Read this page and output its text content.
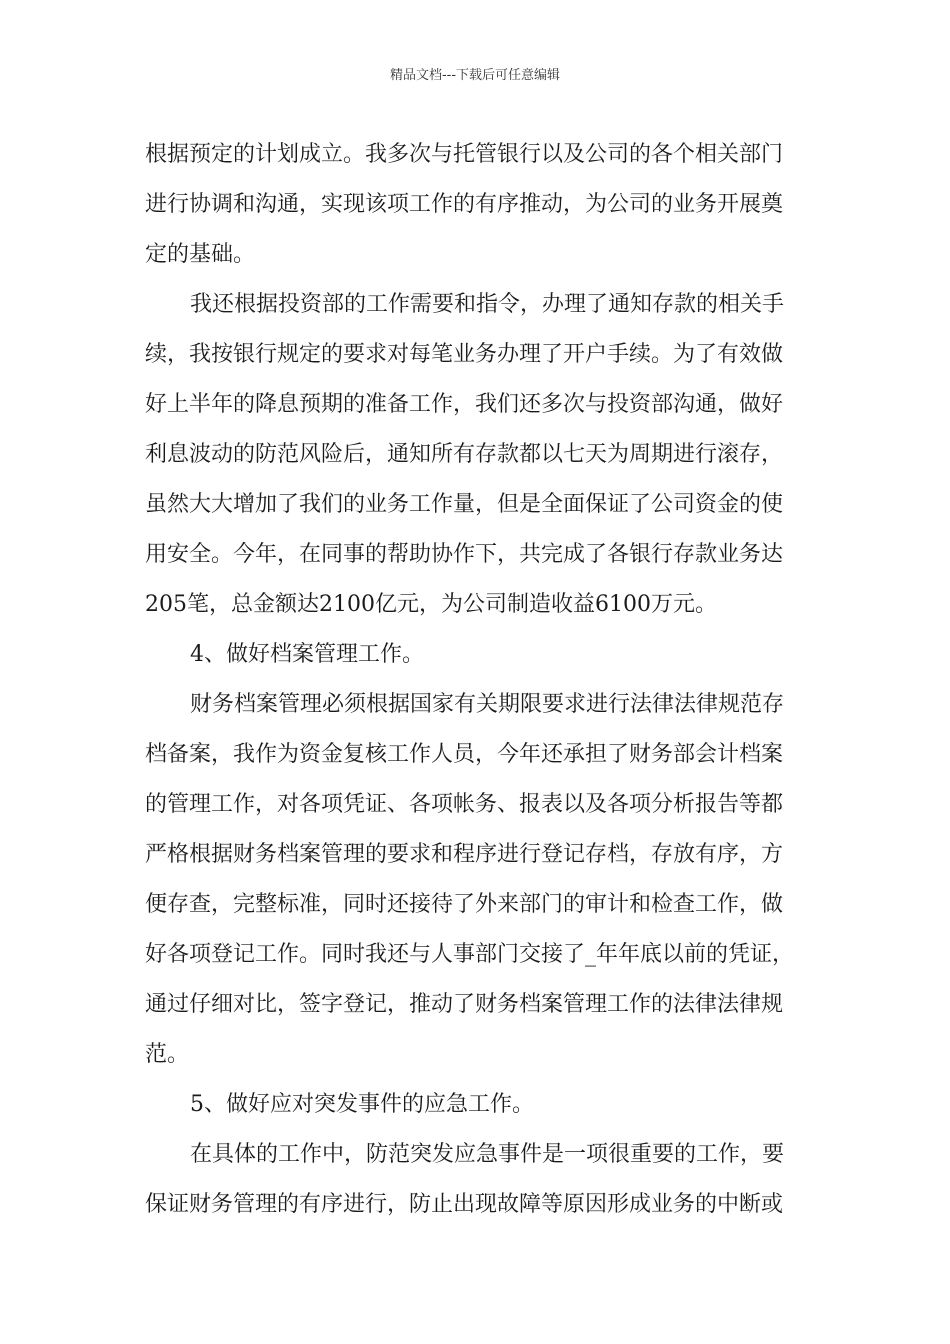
精品文档---下载后可任意编辑
根据预定的计划成立。我多次与托管银行以及公司的各个相关部门
进行协调和沟通，实现该项工作的有序推动，为公司的业务开展奠
定的基础。
我还根据投资部的工作需要和指令，办理了通知存款的相关手
续，我按银行规定的要求对每笔业务办理了开户手续。为了有效做
好上半年的降息预期的准备工作，我们还多次与投资部沟通，做好
利息波动的防范风险后，通知所有存款都以七天为周期进行滚存，
虽然大大增加了我们的业务工作量，但是全面保证了公司资金的使
用安全。今年，在同事的帮助协作下，共完成了各银行存款业务达
205笔，总金额达2100亿元，为公司制造收益6100万元。
4、做好档案管理工作。
财务档案管理必须根据国家有关期限要求进行法律法律规范存
档备案，我作为资金复核工作人员，今年还承担了财务部会计档案
的管理工作，对各项凭证、各项帐务、报表以及各项分析报告等都
严格根据财务档案管理的要求和程序进行登记存档，存放有序，方
便存查，完整标准，同时还接待了外来部门的审计和检查工作，做
好各项登记工作。同时我还与人事部门交接了_年年底以前的凭证，
通过仔细对比，签字登记，推动了财务档案管理工作的法律法律规
范。
5、做好应对突发事件的应急工作。
在具体的工作中，防范突发应急事件是一项很重要的工作，要
保证财务管理的有序进行，防止出现故障等原因形成业务的中断或
